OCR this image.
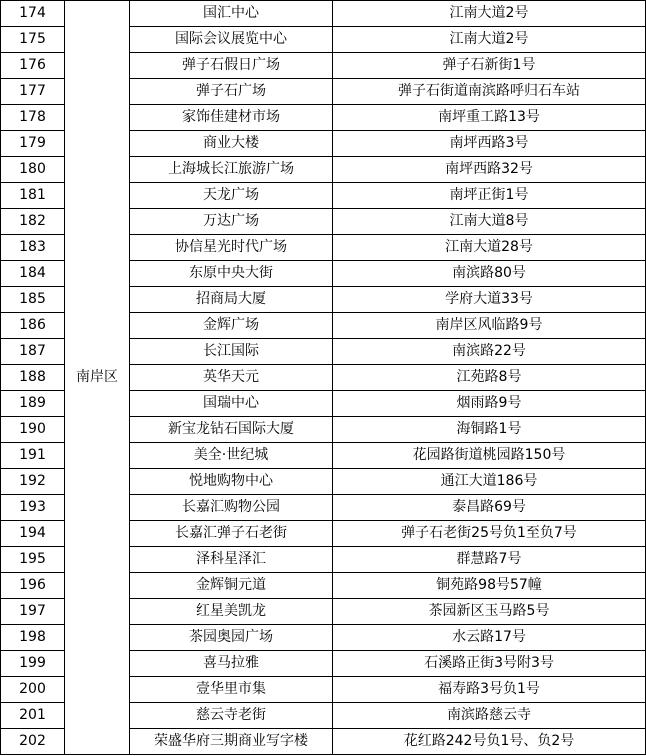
174	南岸区	国汇中心	江南大道2号
175		国际会议展览中心	江南大道2号
176		弹子石假日广场	弹子石新街1号
177		弹子石广场	弹子石街道南滨路呼归石车站
178		家饰佳建材市场	南坪重工路13号
179		商业大楼	南坪西路3号
180		上海城长江旅游广场	南坪西路32号
181		天龙广场	南坪正街1号
182		万达广场	江南大道8号
183		协信星光时代广场	江南大道28号
184		东原中央大街	南滨路80号
185		招商局大厦	学府大道33号
186		金辉广场	南岸区风临路9号
187		长江国际	南滨路22号
188		英华天元	江苑路8号
189		国瑞中心	烟雨路9号
190		新宝龙钻石国际大厦	海铜路1号
191		美全·世纪城	花园路街道桃园路150号
192		悦地购物中心	通江大道186号
193		长嘉汇购物公园	泰昌路69号
194		长嘉汇弹子石老街	弹子石老街25号负1至负7号
195		泽科星泽汇	群慧路7号
196		金辉铜元道	铜苑路98号57幢
197		红星美凯龙	茶园新区玉马路5号
198		茶园奥园广场	水云路17号
199		喜马拉雅	石溪路正街3号附3号
200		壹华里市集	福寿路3号负1号
201		慈云寺老街	南滨路慈云寺
202		荣盛华府三期商业写字楼	花红路242号负1号、负2号
